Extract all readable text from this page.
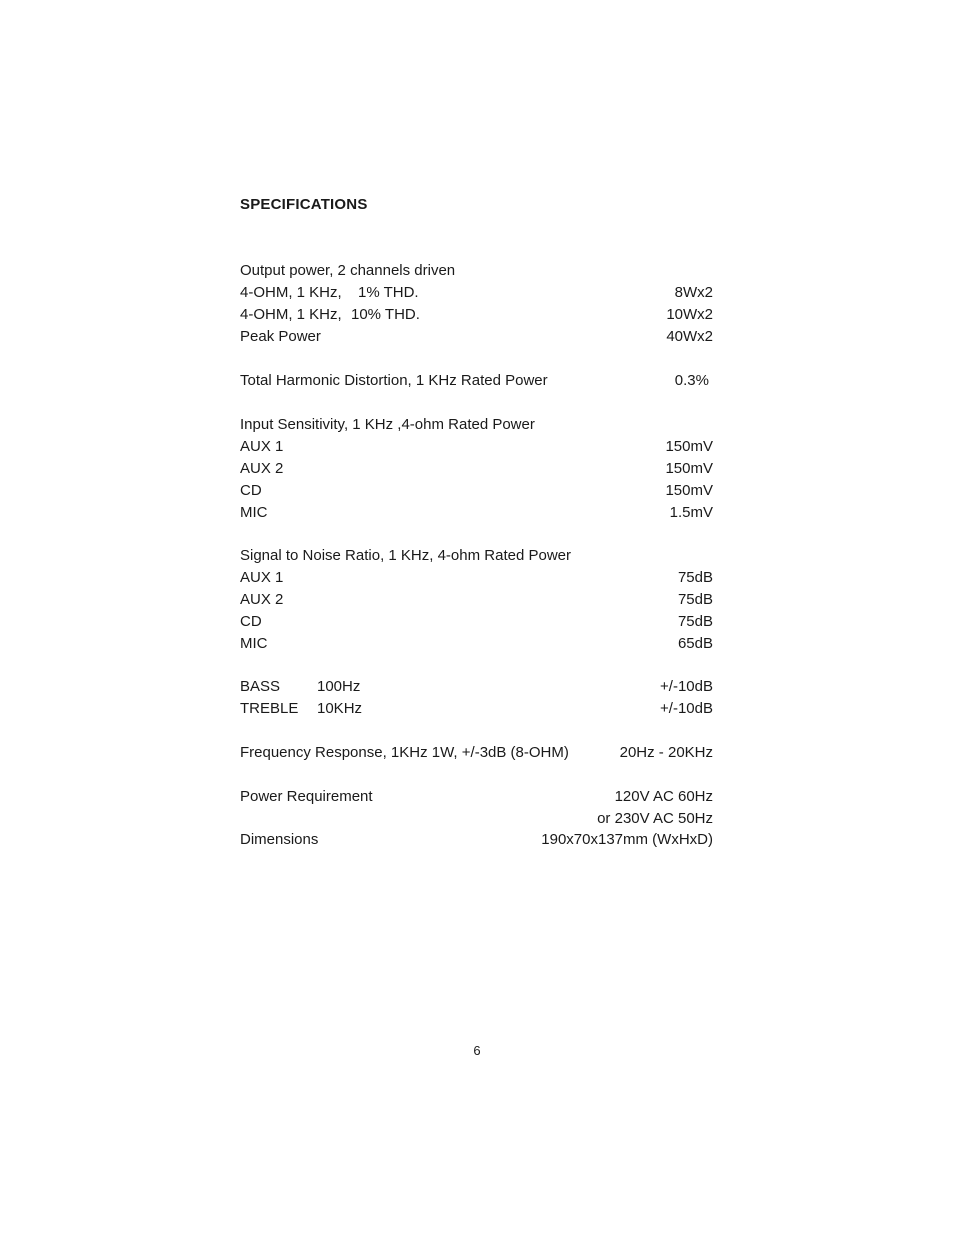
SPECIFICATIONS
Output power, 2 channels driven
4-OHM, 1 KHz, 1% THD.	8Wx2
4-OHM, 1 KHz, 10% THD.	10Wx2
Peak Power	40Wx2
Total Harmonic Distortion, 1 KHz Rated Power	0.3%
Input Sensitivity, 1 KHz ,4-ohm Rated Power
AUX 1	150mV
AUX 2	150mV
CD	150mV
MIC	1.5mV
Signal to Noise Ratio, 1 KHz, 4-ohm Rated Power
AUX 1	75dB
AUX 2	75dB
CD	75dB
MIC	65dB
BASS 100Hz	+/-10dB
TREBLE 10KHz	+/-10dB
Frequency Response, 1KHz 1W, +/-3dB (8-OHM)	20Hz - 20KHz
Power Requirement	120V AC 60Hz
or 230V AC 50Hz
Dimensions	190x70x137mm (WxHxD)
6
